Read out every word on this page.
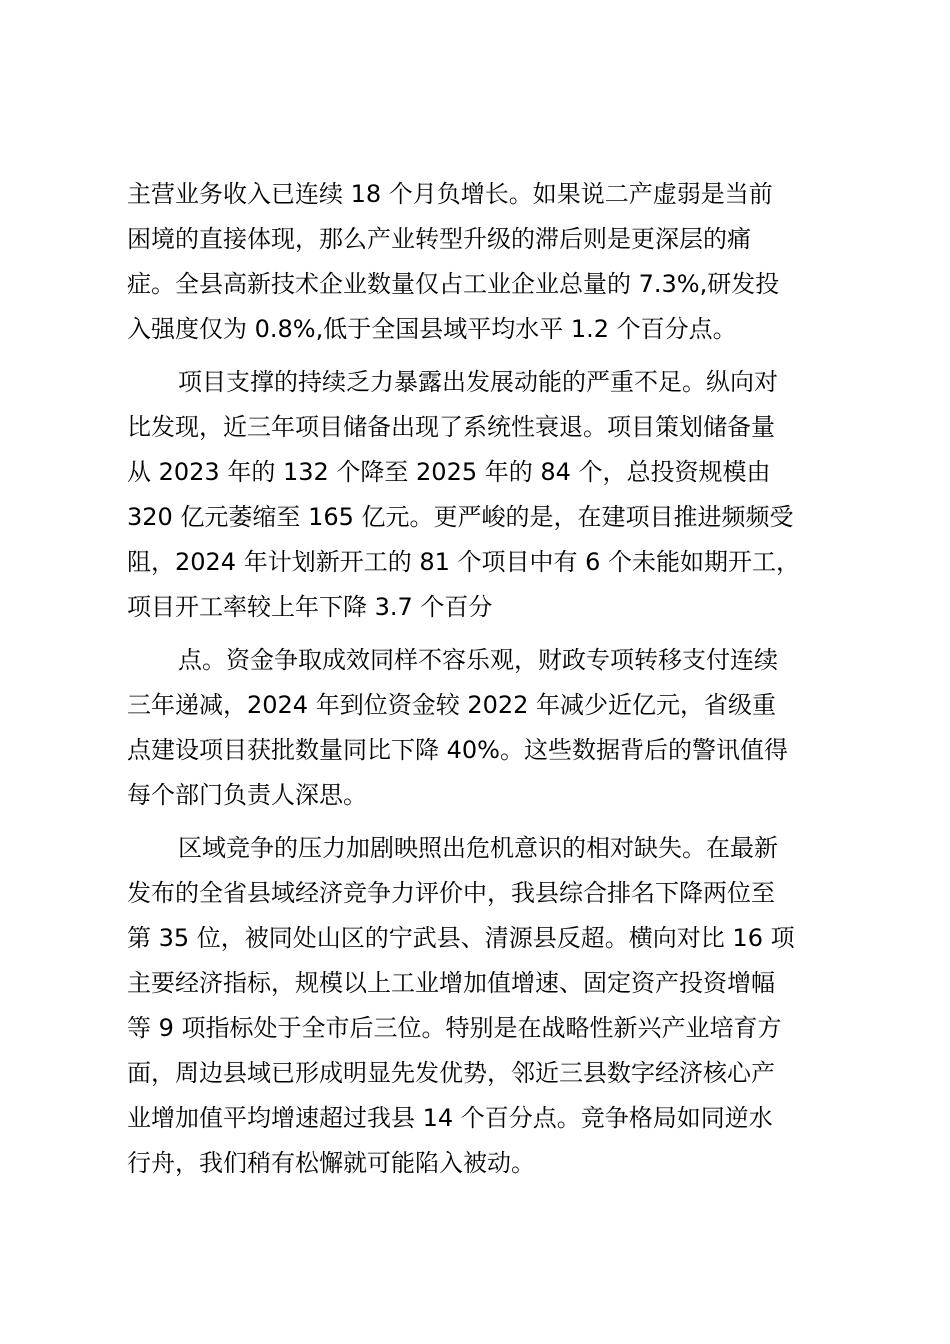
主营业务收入已连续 18 个月负增长。如果说二产虚弱是当前
困境的直接体现，那么产业转型升级的滞后则是更深层的痛
症。全县高新技术企业数量仅占工业企业总量的 7.3%,研发投
入强度仅为 0.8%,低于全国县域平均水平 1.2 个百分点。
项目支撑的持续乏力暴露出发展动能的严重不足。纵向对
比发现，近三年项目储备出现了系统性衰退。项目策划储备量
从 2023 年的 132 个降至 2025 年的 84 个，总投资规模由
320 亿元萎缩至 165 亿元。更严峻的是，在建项目推进频频受
阻，2024 年计划新开工的 81 个项目中有 6 个未能如期开工，
项目开工率较上年下降 3.7 个百分
点。资金争取成效同样不容乐观，财政专项转移支付连续
三年递减，2024 年到位资金较 2022 年减少近亿元，省级重
点建设项目获批数量同比下降 40%。这些数据背后的警讯值得
每个部门负责人深思。
区域竞争的压力加剧映照出危机意识的相对缺失。在最新
发布的全省县域经济竞争力评价中，我县综合排名下降两位至
第 35 位，被同处山区的宁武县、清源县反超。横向对比 16 项
主要经济指标，规模以上工业增加值增速、固定资产投资增幅
等 9 项指标处于全市后三位。特别是在战略性新兴产业培育方
面，周边县域已形成明显先发优势，邻近三县数字经济核心产
业增加值平均增速超过我县 14 个百分点。竞争格局如同逆水
行舟，我们稍有松懈就可能陷入被动。
